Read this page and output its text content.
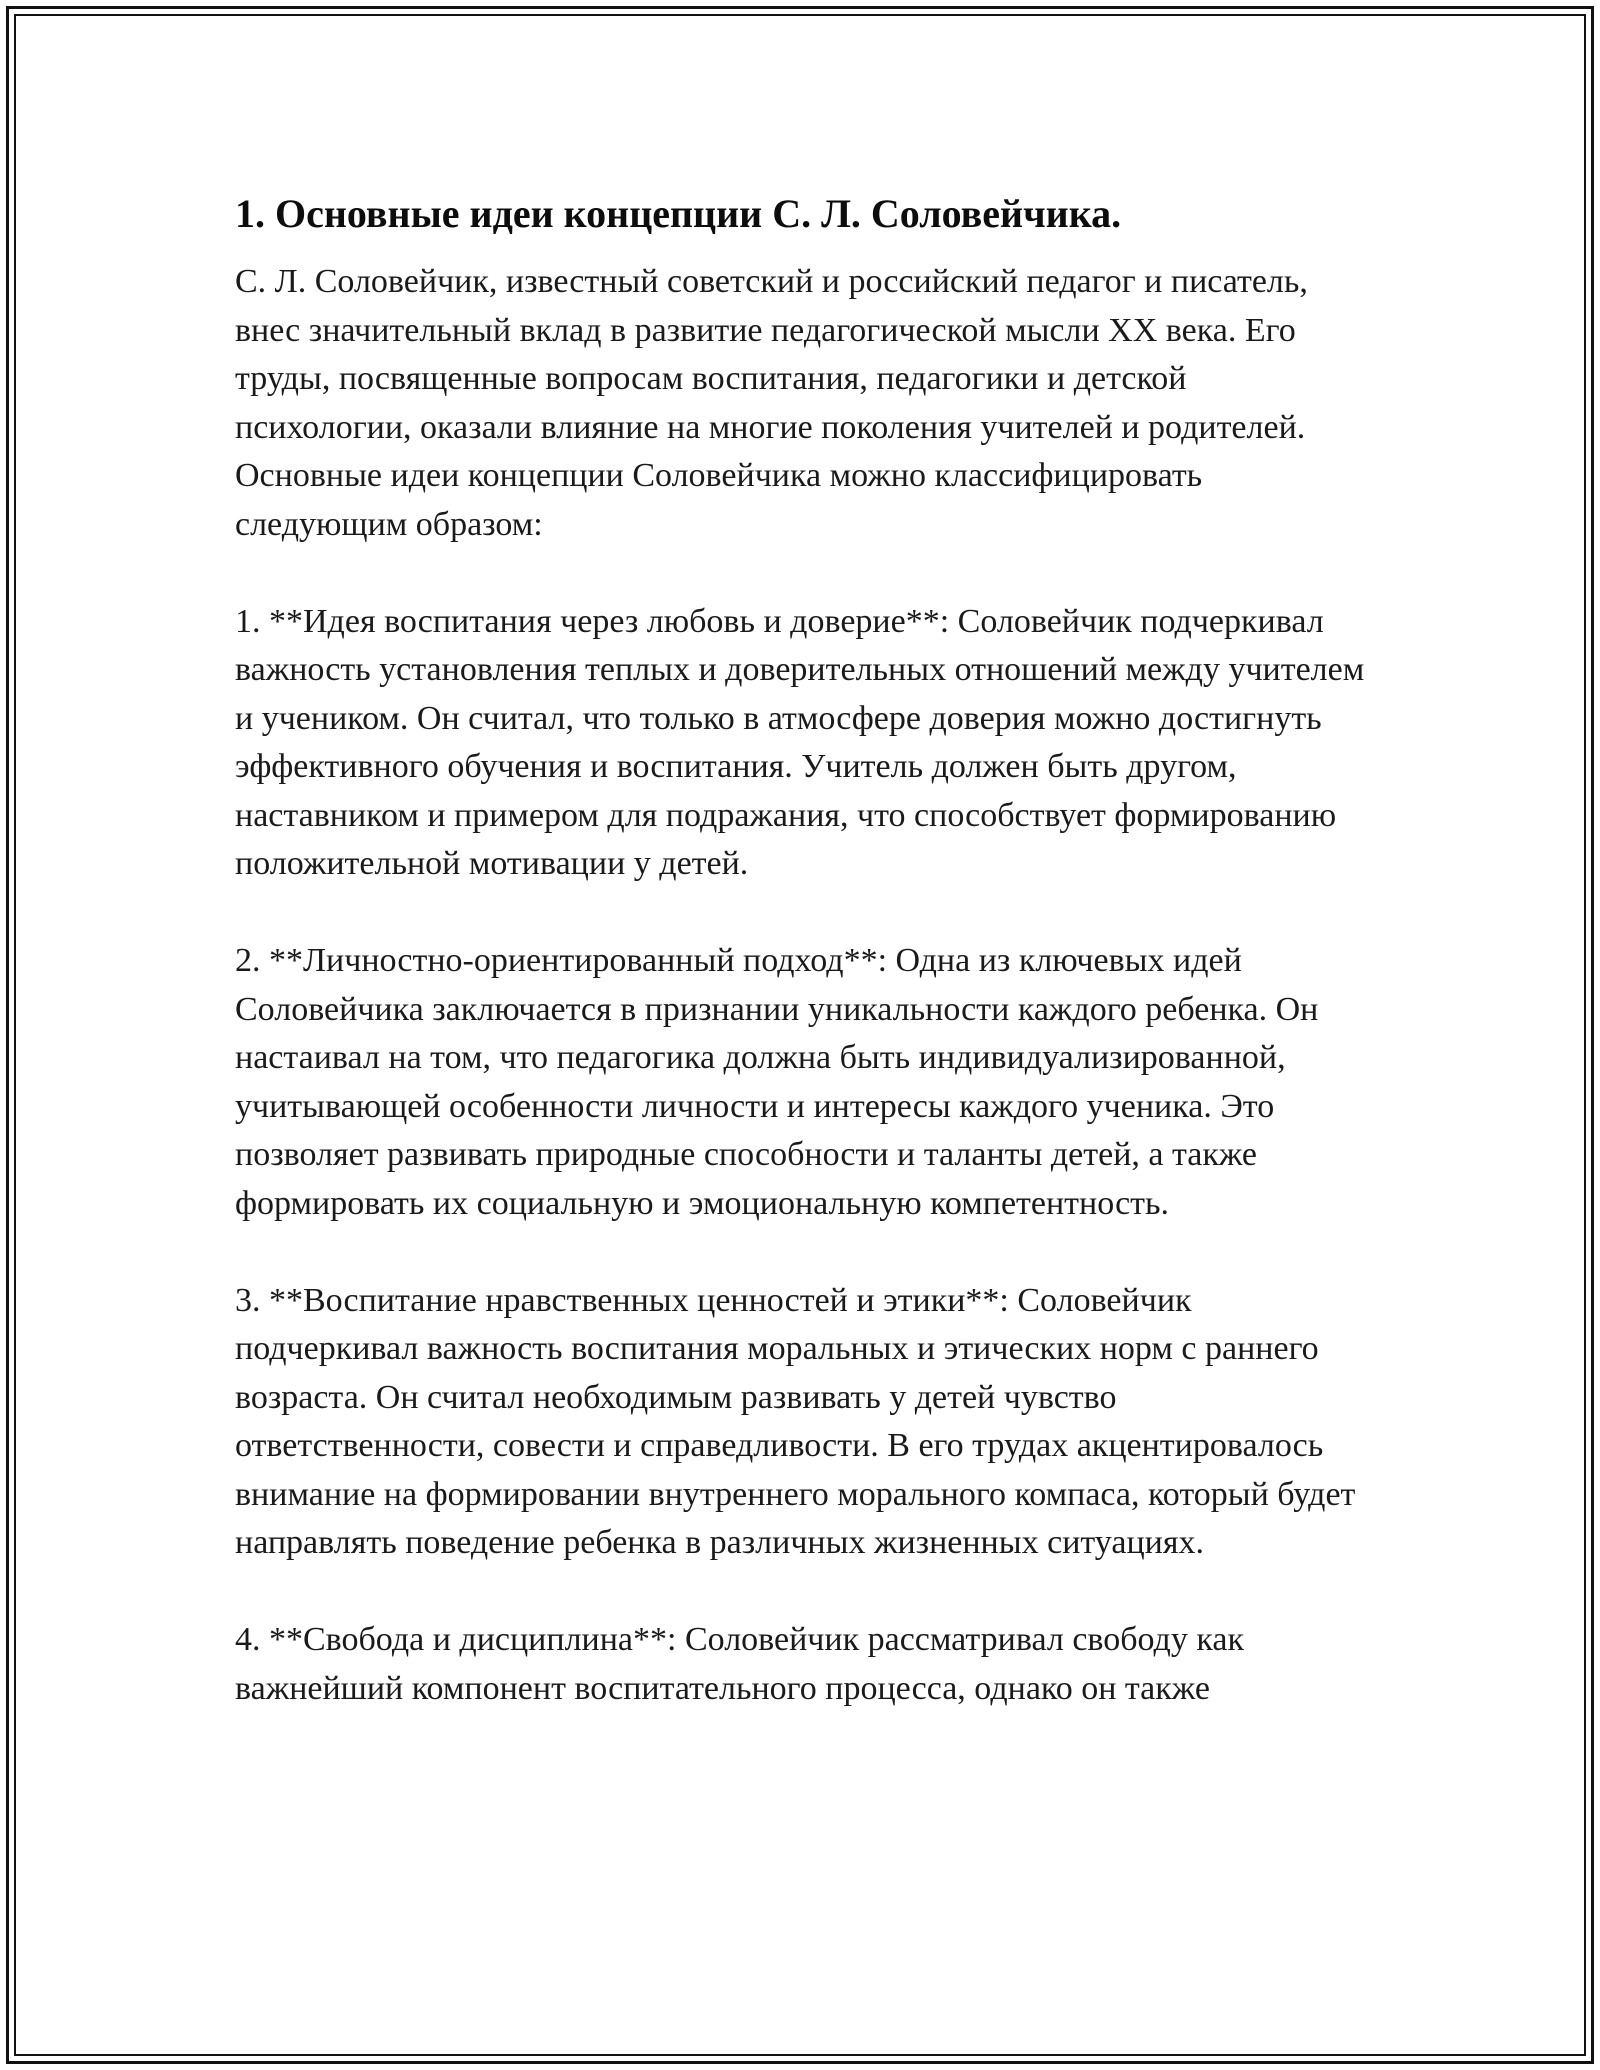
1. Основные идеи концепции С. Л. Соловейчика.

С. Л. Соловейчик, известный советский и российский педагог и писатель, внес значительный вклад в развитие педагогической мысли XX века. Его труды, посвященные вопросам воспитания, педагогики и детской психологии, оказали влияние на многие поколения учителей и родителей. Основные идеи концепции Соловейчика можно классифицировать следующим образом:

1. **Идея воспитания через любовь и доверие**: Соловейчик подчеркивал важность установления теплых и доверительных отношений между учителем и учеником. Он считал, что только в атмосфере доверия можно достигнуть эффективного обучения и воспитания. Учитель должен быть другом, наставником и примером для подражания, что способствует формированию положительной мотивации у детей.

2. **Личностно-ориентированный подход**: Одна из ключевых идей Соловейчика заключается в признании уникальности каждого ребенка. Он настаивал на том, что педагогика должна быть индивидуализированной, учитывающей особенности личности и интересы каждого ученика. Это позволяет развивать природные способности и таланты детей, а также формировать их социальную и эмоциональную компетентность.

3. **Воспитание нравственных ценностей и этики**: Соловейчик подчеркивал важность воспитания моральных и этических норм с раннего возраста. Он считал необходимым развивать у детей чувство ответственности, совести и справедливости. В его трудах акцентировалось внимание на формировании внутреннего морального компаса, который будет направлять поведение ребенка в различных жизненных ситуациях.

4. **Свобода и дисциплина**: Соловейчик рассматривал свободу как важнейший компонент воспитательного процесса, однако он также
